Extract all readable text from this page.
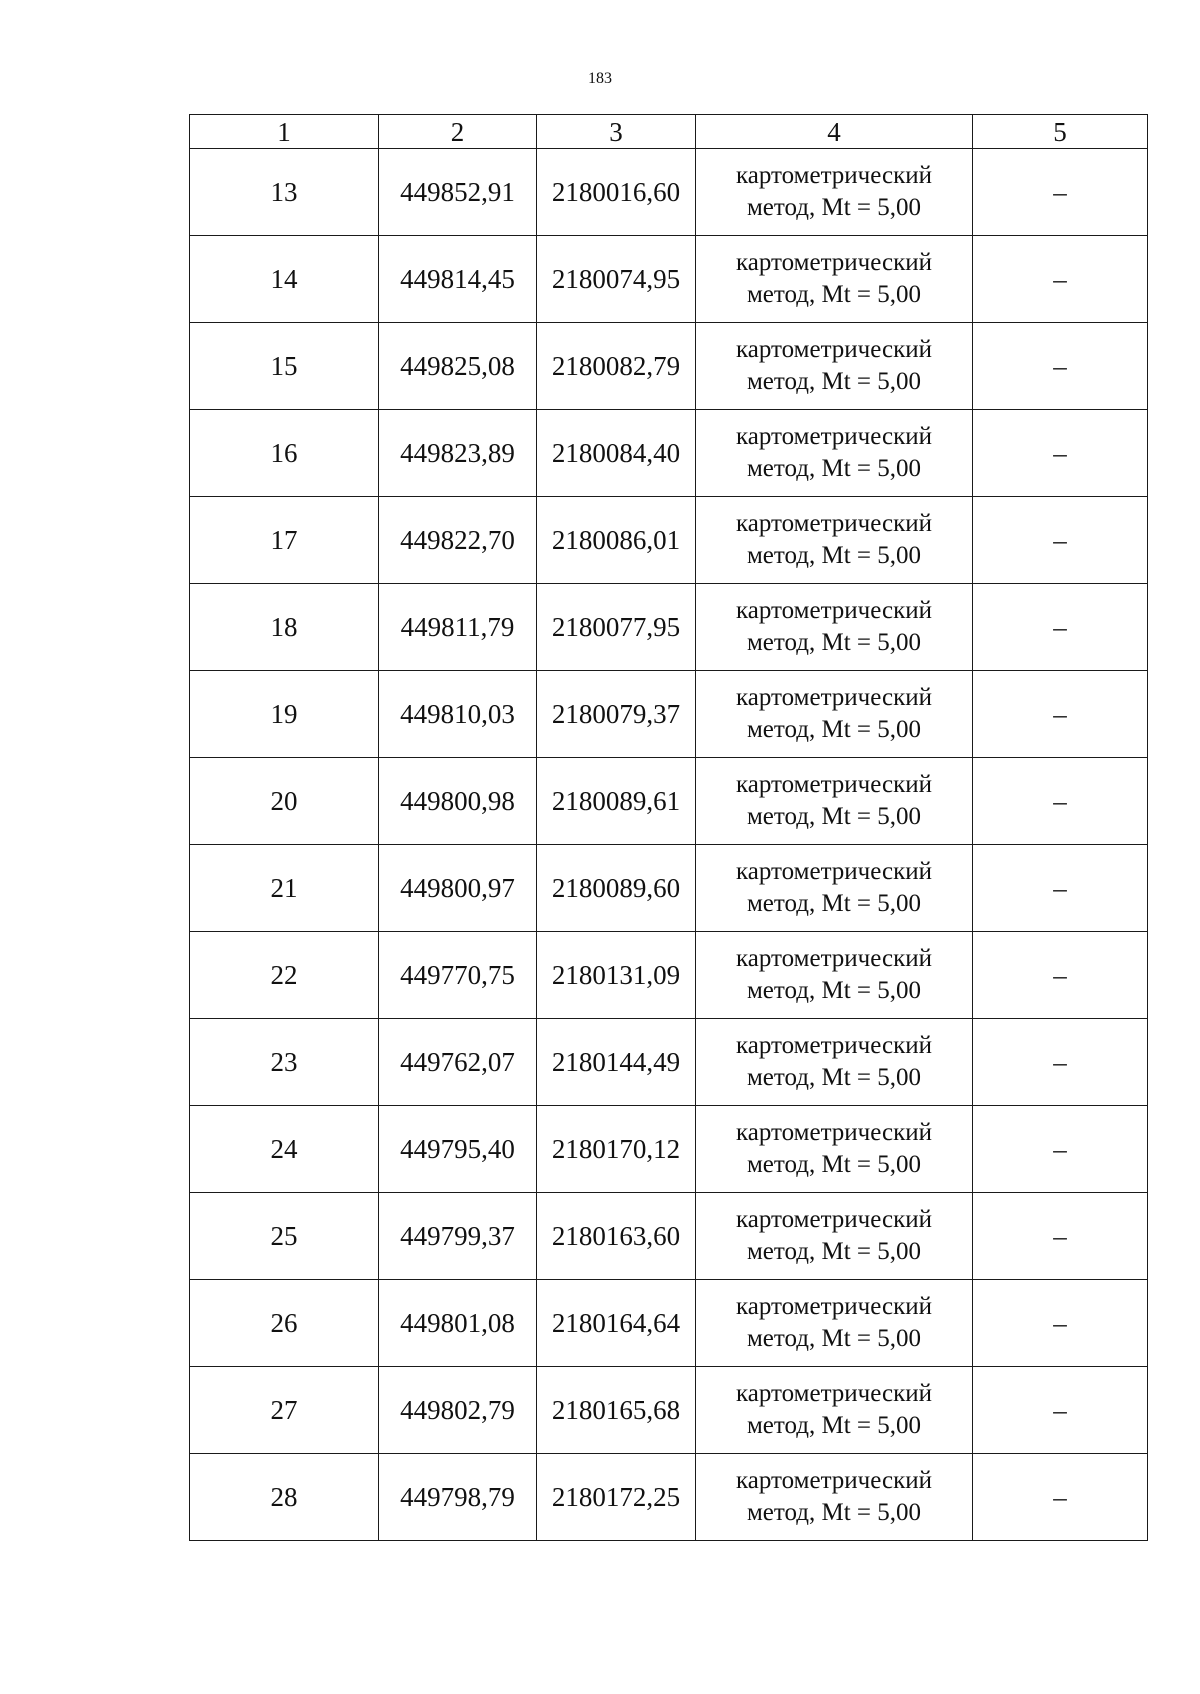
183
1	2	3	4	5
13	449852,91	2180016,60	картометрический
метод, Mt = 5,00	–
14	449814,45	2180074,95	картометрический
метод, Mt = 5,00	–
15	449825,08	2180082,79	картометрический
метод, Mt = 5,00	–
16	449823,89	2180084,40	картометрический
метод, Mt = 5,00	–
17	449822,70	2180086,01	картометрический
метод, Mt = 5,00	–
18	449811,79	2180077,95	картометрический
метод, Mt = 5,00	–
19	449810,03	2180079,37	картометрический
метод, Mt = 5,00	–
20	449800,98	2180089,61	картометрический
метод, Mt = 5,00	–
21	449800,97	2180089,60	картометрический
метод, Mt = 5,00	–
22	449770,75	2180131,09	картометрический
метод, Mt = 5,00	–
23	449762,07	2180144,49	картометрический
метод, Mt = 5,00	–
24	449795,40	2180170,12	картометрический
метод, Mt = 5,00	–
25	449799,37	2180163,60	картометрический
метод, Mt = 5,00	–
26	449801,08	2180164,64	картометрический
метод, Mt = 5,00	–
27	449802,79	2180165,68	картометрический
метод, Mt = 5,00	–
28	449798,79	2180172,25	картометрический
метод, Mt = 5,00	–
